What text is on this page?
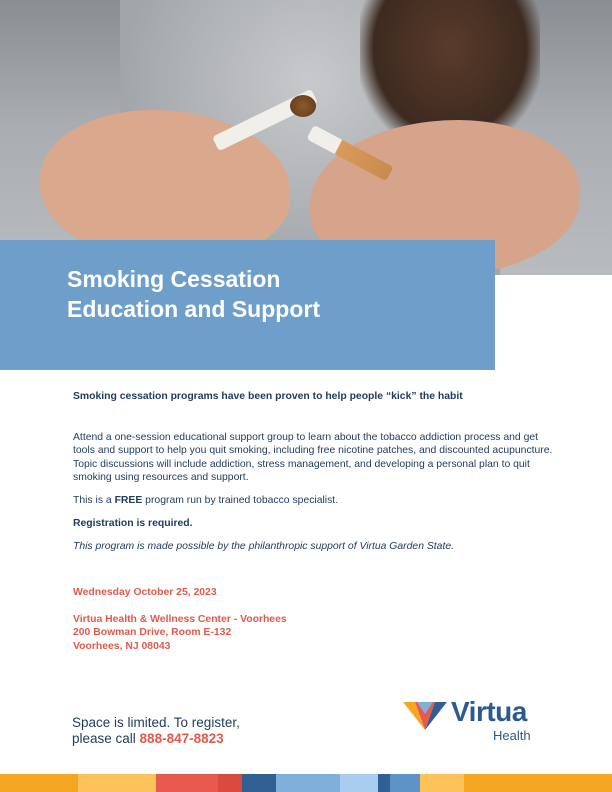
Smoking Cessation
Education and Support

Smoking cessation programs have been proven to help people “kick” the habit

Attend a one-session educational support group to learn about the tobacco addiction process and get tools and support to help you quit smoking, including free nicotine patches, and discounted acupuncture. Topic discussions will include addiction, stress management, and developing a personal plan to quit smoking using resources and support.

This is a FREE program run by trained tobacco specialist.

Registration is required.

This program is made possible by the philanthropic support of Virtua Garden State.

Wednesday October 25, 2023

Virtua Health & Wellness Center - Voorhees

200 Bowman Drive, Room E-132

Voorhees, NJ 08043

Space is limited. To register,
please call 888-847-8823
Virtua
Health
